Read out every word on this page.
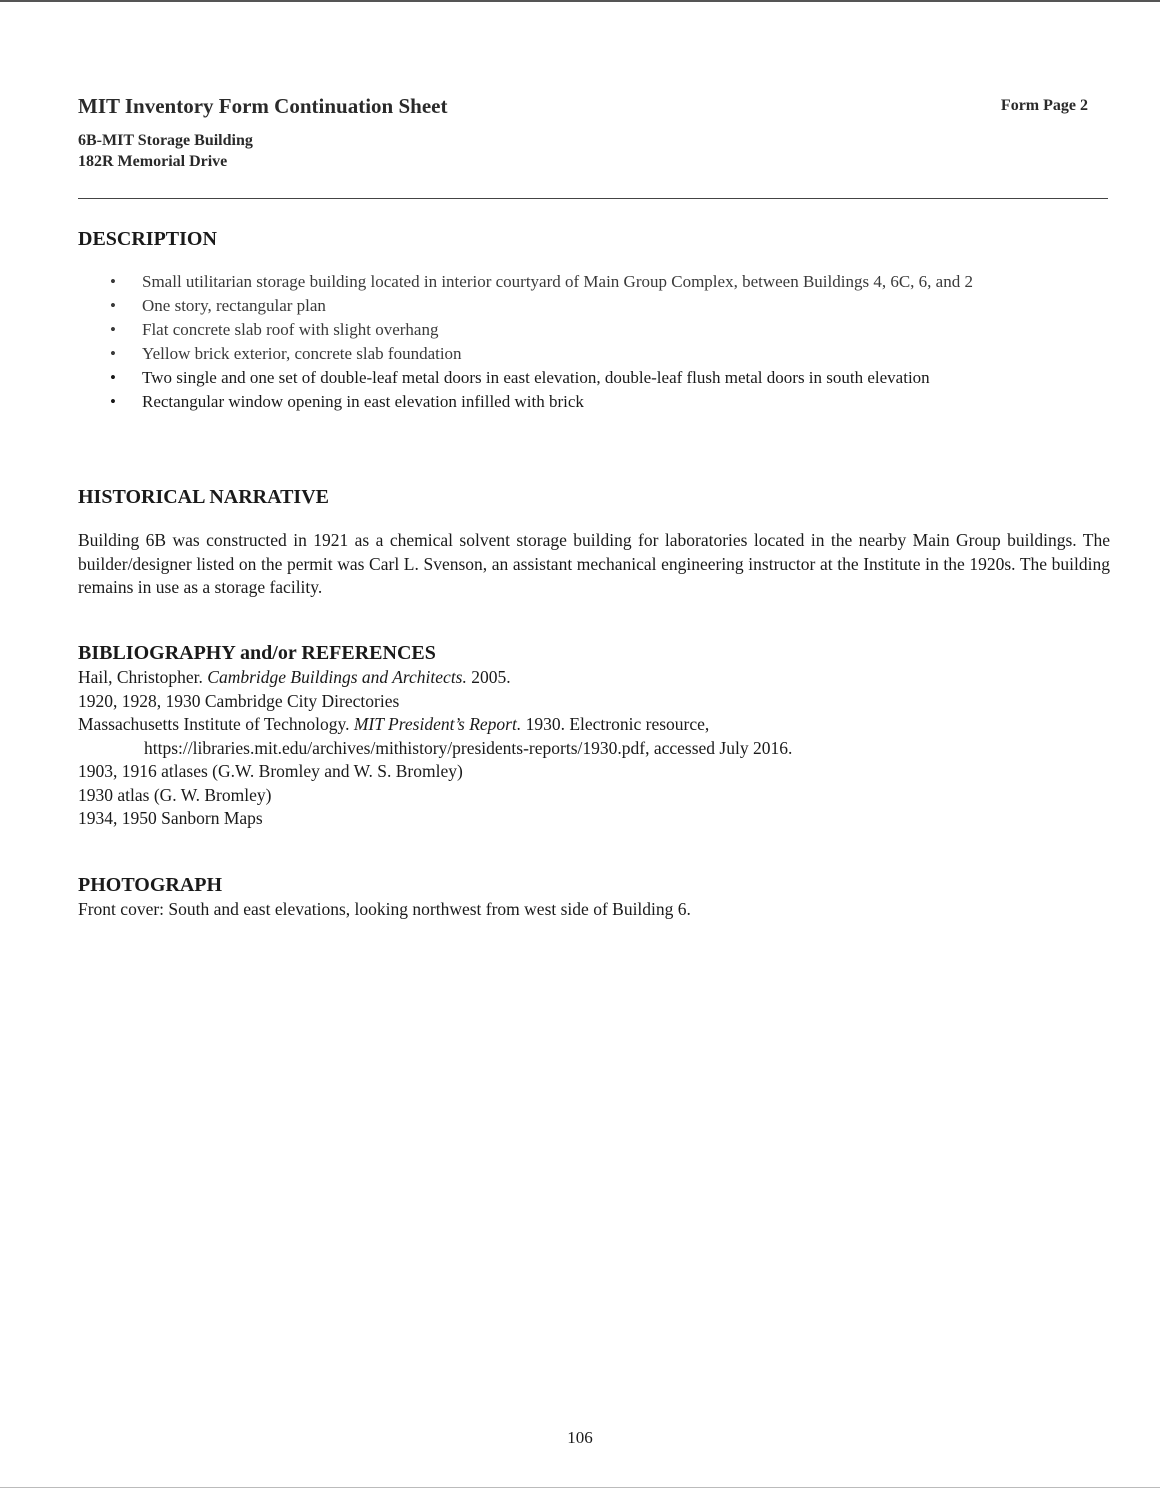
MIT Inventory Form Continuation Sheet	Form Page 2
6B-MIT Storage Building
182R Memorial Drive
DESCRIPTION
• Small utilitarian storage building located in interior courtyard of Main Group Complex, between Buildings 4, 6C, 6, and 2
• One story, rectangular plan
• Flat concrete slab roof with slight overhang
• Yellow brick exterior, concrete slab foundation
• Two single and one set of double-leaf metal doors in east elevation, double-leaf flush metal doors in south elevation
• Rectangular window opening in east elevation infilled with brick
HISTORICAL NARRATIVE

Building 6B was constructed in 1921 as a chemical solvent storage building for laboratories located in the nearby Main Group buildings. The builder/designer listed on the permit was Carl L. Svenson, an assistant mechanical engineering instructor at the Institute in the 1920s. The building remains in use as a storage facility.

BIBLIOGRAPHY and/or REFERENCES

Hail, Christopher. Cambridge Buildings and Architects. 2005.

1920, 1928, 1930 Cambridge City Directories

Massachusetts Institute of Technology. MIT President’s Report. 1930. Electronic resource,

https://libraries.mit.edu/archives/mithistory/presidents-reports/1930.pdf, accessed July 2016.

1903, 1916 atlases (G.W. Bromley and W. S. Bromley)

1930 atlas (G. W. Bromley)

1934, 1950 Sanborn Maps

PHOTOGRAPH
Front cover: South and east elevations, looking northwest from west side of Building 6.
106
